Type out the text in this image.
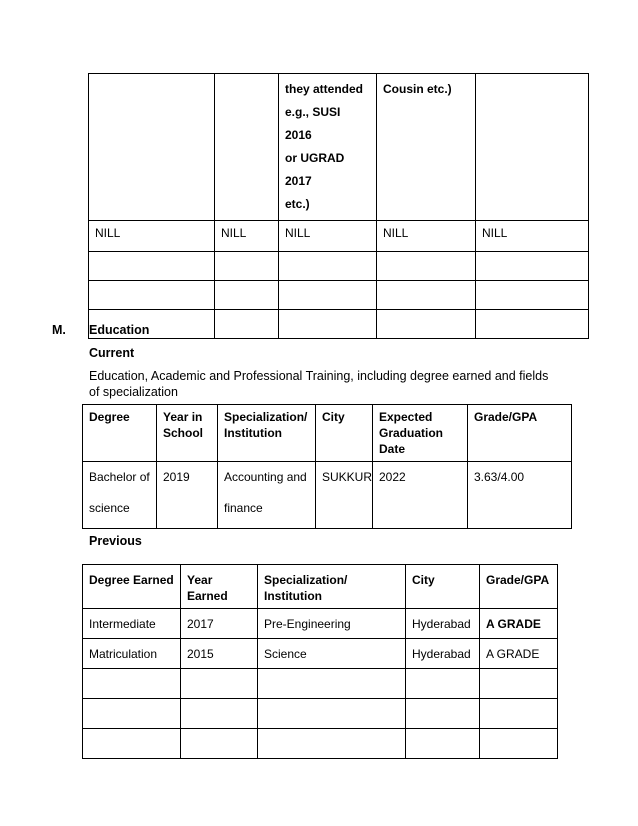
		they attended
e.g., SUSI 2016
or UGRAD 2017
etc.)	Cousin etc.)	

NILL	NILL	NILL	NILL	NILL

M. Education
Current
Education, Academic and Professional Training, including degree earned and fields of specialization
Degree	Year in School	Specialization/ Institution	City	Expected Graduation Date	Grade/GPA
Bachelor of science	2019	Accounting and finance	SUKKUR	2022	3.63/4.00
Previous
Degree Earned	Year Earned	Specialization/ Institution	City	Grade/GPA
Intermediate	2017	Pre-Engineering	Hyderabad	A GRADE
Matriculation	2015	Science	Hyderabad	A GRADE
